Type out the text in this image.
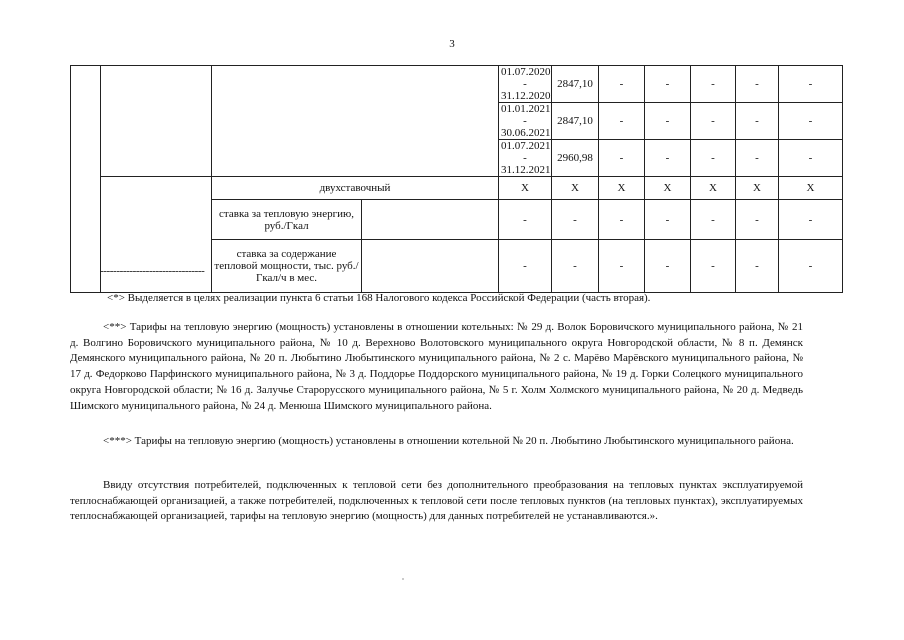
3
				01.07.2020 - 31.12.2020	2847,10	-	-	-	-	-
				01.01.2021 - 30.06.2021	2847,10	-	-	-	-	-
				01.07.2021 - 31.12.2021	2960,98	-	-	-	-	-
		двухставочный		Х	Х	Х	Х	Х	Х	Х
		ставка за тепловую энергию, руб./Гкал		-	-	-	-	-	-	-
		ставка за содержание тепловой мощности, тыс. руб./Гкал/ч в мес.		-	-	-	-	-	-	-
--------------------------------

<*> Выделяется в целях реализации пункта 6 статьи 168 Налогового кодекса Российской Федерации (часть вторая).

<**> Тарифы на тепловую энергию (мощность) установлены в отношении котельных: № 29 д. Волок Боровичского муниципального района, № 21 д. Волгино Боровичского муниципального района, № 10 д. Верехново Волотовского муниципального округа Новгородской области, № 8 п. Демянск Демянского муниципального района, № 20 п. Любытино Любытинского муниципального района, № 2 с. Марёво Марёвского муниципального района, № 17 д. Федорково Парфинского муниципального района, № 3 д. Поддорье Поддорского муниципального района, № 19 д. Горки Солецкого муниципального округа Новгородской области; № 16 д. Залучье Старорусского муниципального района, № 5 г. Холм Холмского муниципального района, № 20 д. Медведь Шимского муниципального района, № 24 д. Менюша Шимского муниципального района.

<***> Тарифы на тепловую энергию (мощность) установлены в отношении котельной № 20 п. Любытино Любытинского муниципального района.

Ввиду отсутствия потребителей, подключенных к тепловой сети без дополнительного преобразования на тепловых пунктах эксплуатируемой теплоснабжающей организацией, а также потребителей, подключенных к тепловой сети после тепловых пунктов (на тепловых пунктах), эксплуатируемых теплоснабжающей организацией, тарифы на тепловую энергию (мощность) для данных потребителей не устанавливаются.».
